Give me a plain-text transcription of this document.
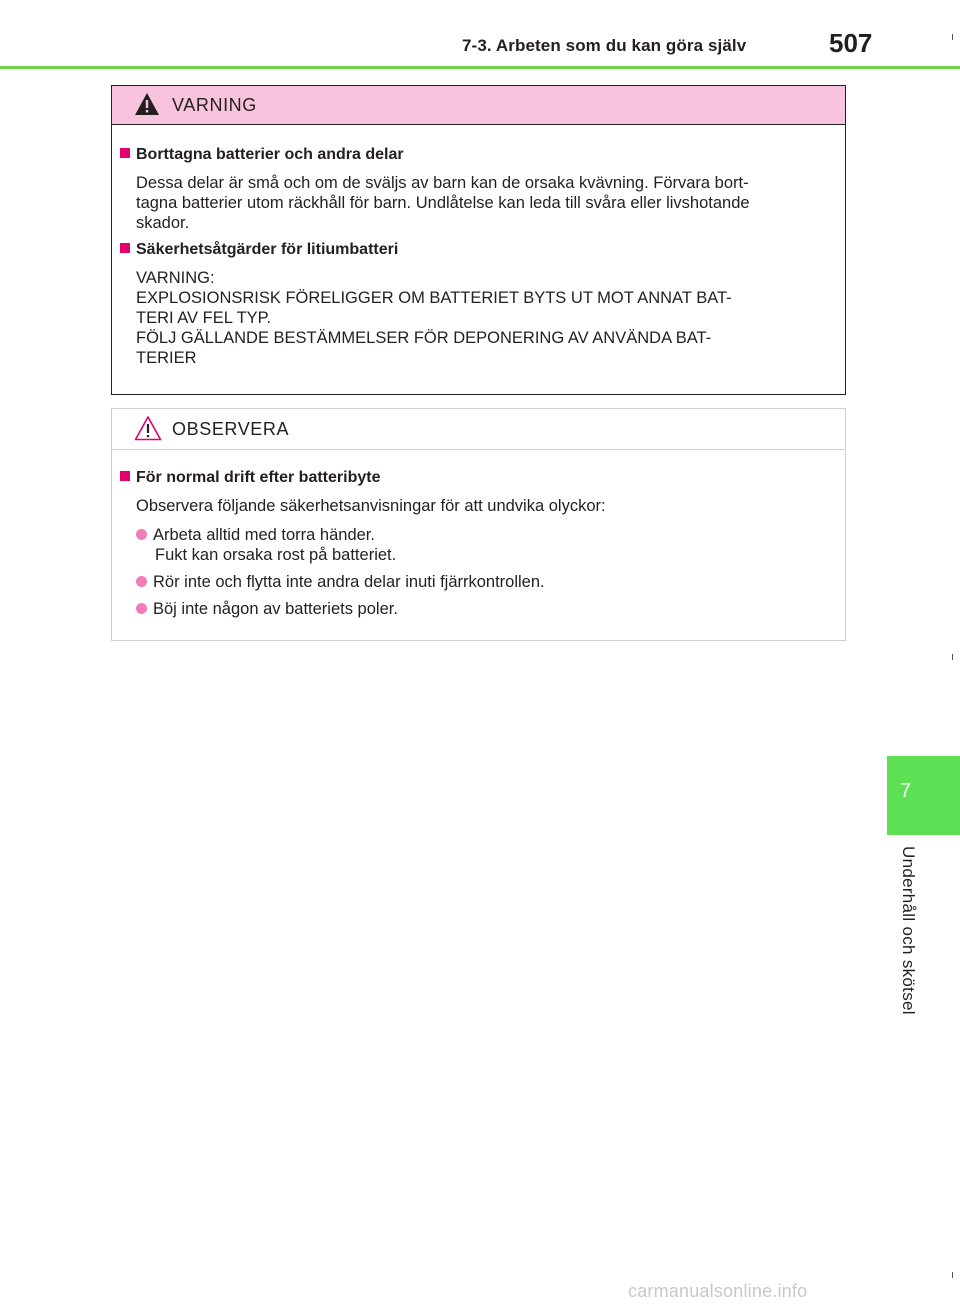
7-3. Arbeten som du kan göra själv	507
VARNING
Borttagna batterier och andra delar
Dessa delar är små och om de sväljs av barn kan de orsaka kvävning. Förvara bort-
tagna batterier utom räckhåll för barn. Undlåtelse kan leda till svåra eller livshotande
skador.
Säkerhetsåtgärder för litiumbatteri
VARNING:
EXPLOSIONSRISK FÖRELIGGER OM BATTERIET BYTS UT MOT ANNAT BAT-
TERI AV FEL TYP.
FÖLJ GÄLLANDE BESTÄMMELSER FÖR DEPONERING AV ANVÄNDA BAT-
TERIER
OBSERVERA
För normal drift efter batteribyte
Observera följande säkerhetsanvisningar för att undvika olyckor:
Arbeta alltid med torra händer.
Fukt kan orsaka rost på batteriet.
Rör inte och flytta inte andra delar inuti fjärrkontrollen.
Böj inte någon av batteriets poler.
7
Underhåll och skötsel
carmanualsonline.info
